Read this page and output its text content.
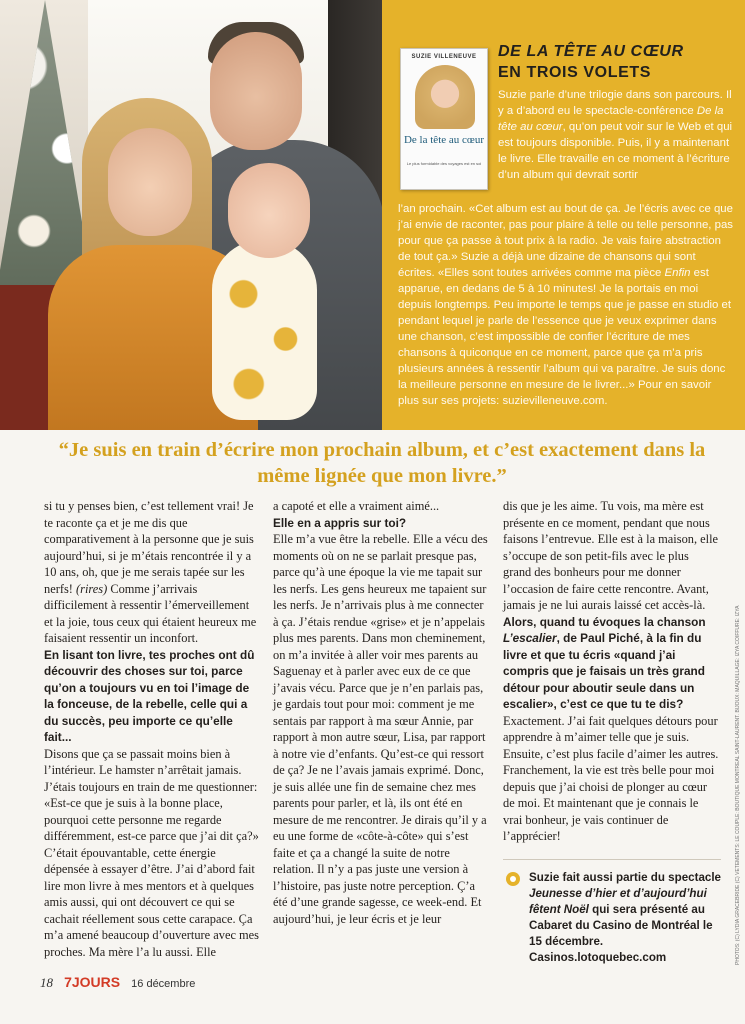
SUZIE VILLENEUVE
De la tête au cœur
Le plus formidable des voyages est en soi
DE LA TÊTE AU CŒUR
EN TROIS VOLETS
Suzie parle d’une trilogie dans son parcours. Il y a d’abord eu le spectacle-conférence De la tête au cœur, qu’on peut voir sur le Web et qui est toujours disponible. Puis, il y a maintenant le livre. Elle travaille en ce moment à l’écriture d’un album qui devrait sortir
l’an prochain. «Cet album est au bout de ça. Je l’écris avec ce que j’ai envie de raconter, pas pour plaire à telle ou telle personne, pas pour que ça passe à tout prix à la radio. Je vais faire abstraction de tout ça.» Suzie a déjà une dizaine de chansons qui sont écrites. «Elles sont toutes arrivées comme ma pièce Enfin est apparue, en dedans de 5 à 10 minutes! Je la portais en moi depuis longtemps. Peu importe le temps que je passe en studio et pendant lequel je parle de l’essence que je veux exprimer dans une chanson, c’est impossible de confier l’écriture de mes chansons à quiconque en ce moment, parce que ça m’a pris plusieurs années à ressentir l’album qui va paraître. Je suis donc la meilleure personne en mesure de le livrer...» Pour en savoir plus sur ses projets: suzievilleneuve.com.
“Je suis en train d’écrire mon prochain album, et c’est exactement dans la même lignée que mon livre.”

si tu y penses bien, c’est tellement vrai! Je te raconte ça et je me dis que comparativement à la personne que je suis aujourd’hui, si je m’étais rencontrée il y a 10 ans, oh, que je me serais tapée sur les nerfs! (rires) Comme j’arrivais difficilement à ressentir l’émerveillement et la joie, tous ceux qui étaient heureux me faisaient ressentir un inconfort.

En lisant ton livre, tes proches ont dû découvrir des choses sur toi, parce qu’on a toujours vu en toi l’image de la fonceuse, de la rebelle, celle qui a du succès, peu importe ce qu’elle fait...

Disons que ça se passait moins bien à l’intérieur. Le hamster n’arrêtait jamais. J’étais toujours en train de me questionner: «Est-ce que je suis à la bonne place, pourquoi cette personne me regarde différemment, est-ce parce que j’ai dit ça?» C’était épouvantable, cette énergie dépensée à essayer d’être. J’ai d’abord fait lire mon livre à mes mentors et à quelques amis aussi, qui ont découvert ce qui se cachait réellement sous cette carapace. Ça m’a amené beaucoup d’ouverture avec mes proches. Ma mère l’a lu aussi. Elle

a capoté et elle a vraiment aimé...

Elle en a appris sur toi?

Elle m’a vue être la rebelle. Elle a vécu des moments où on ne se parlait presque pas, parce qu’à une époque la vie me tapait sur les nerfs. Les gens heureux me tapaient sur les nerfs. Je n’arrivais plus à me connecter à ça. J’étais rendue «grise» et je n’appelais plus mes parents. Dans mon cheminement, on m’a invitée à aller voir mes parents au Saguenay et à parler avec eux de ce que j’avais vécu. Parce que je n’en parlais pas, je gardais tout pour moi: comment je me sentais par rapport à ma sœur Annie, par rapport à mon autre sœur, Lisa, par rapport à notre vie d’enfants. Qu’est-ce qui ressort de ça? Je ne l’avais jamais exprimé. Donc, je suis allée une fin de semaine chez mes parents pour parler, et là, ils ont été en mesure de me rencontrer. Je dirais qu’il y a eu une forme de «côte-à-côte» qui s’est faite et ça a changé la suite de notre relation. Il n’y a pas juste une version à l’histoire, pas juste notre perception. Ç’a été d’une grande sagesse, ce week-end. Et aujourd’hui, je leur écris et je leur

dis que je les aime. Tu vois, ma mère est présente en ce moment, pendant que nous faisons l’entrevue. Elle est à la maison, elle s’occupe de son petit-fils avec le plus grand des bonheurs pour me donner l’occasion de faire cette rencontre. Avant, jamais je ne lui aurais laissé cet accès-là.

Alors, quand tu évoques la chanson L’escalier, de Paul Piché, à la fin du livre et que tu écris «quand j’ai compris que je faisais un très grand détour pour aboutir seule dans un escalier», c’est ce que tu te dis?

Exactement. J’ai fait quelques détours pour apprendre à m’aimer telle que je suis. Ensuite, c’est plus facile d’aimer les autres. Franchement, la vie est très belle pour moi depuis que j’ai choisi de plonger au cœur de moi. Et maintenant que je connais le vrai bonheur, je vais continuer de l’apprécier!

Suzie fait aussi partie du spectacle Jeunesse d’hier et d’aujourd’hui fêtent Noël qui sera présenté au Cabaret du Casino de Montréal le 15 décembre. Casinos.lotoquebec.com
18 7JOURS 16 décembre
PHOTOS: (C) LYDIA GRACEBRIDE (C) VÊTEMENTS: LE COUPLE: BOUTIQUE MONTREAL SAINT-LAURENT. BIJOUX: MAQUILLAGE: IZYA COIFFURE: IZYA
